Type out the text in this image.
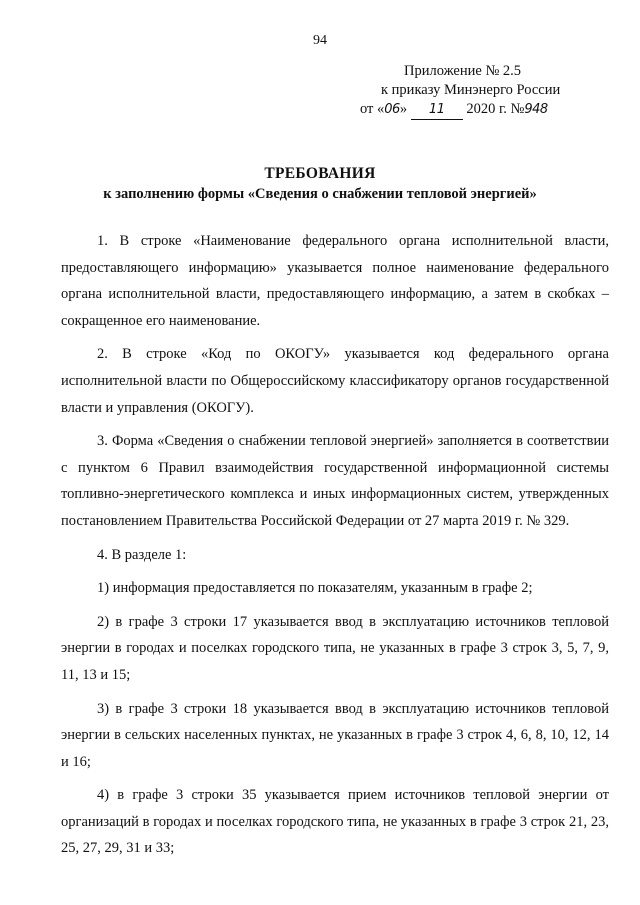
94
Приложение № 2.5
к приказу Минэнерго России
от «06» 11 2020 г. №948
ТРЕБОВАНИЯ
к заполнению формы «Сведения о снабжении тепловой энергией»

1. В строке «Наименование федерального органа исполнительной власти, предоставляющего информацию» указывается полное наименование федерального органа исполнительной власти, предоставляющего информацию, а затем в скобках – сокращенное его наименование.

2. В строке «Код по ОКОГУ» указывается код федерального органа исполнительной власти по Общероссийскому классификатору органов государственной власти и управления (ОКОГУ).

3. Форма «Сведения о снабжении тепловой энергией» заполняется в соответствии с пунктом 6 Правил взаимодействия государственной информационной системы топливно-энергетического комплекса и иных информационных систем, утвержденных постановлением Правительства Российской Федерации от 27 марта 2019 г. № 329.

4. В разделе 1:

1) информация предоставляется по показателям, указанным в графе 2;

2) в графе 3 строки 17 указывается ввод в эксплуатацию источников тепловой энергии в городах и поселках городского типа, не указанных в графе 3 строк 3, 5, 7, 9, 11, 13 и 15;

3) в графе 3 строки 18 указывается ввод в эксплуатацию источников тепловой энергии в сельских населенных пунктах, не указанных в графе 3 строк 4, 6, 8, 10, 12, 14 и 16;

4) в графе 3 строки 35 указывается прием источников тепловой энергии от организаций в городах и поселках городского типа, не указанных в графе 3 строк 21, 23, 25, 27, 29, 31 и 33;
